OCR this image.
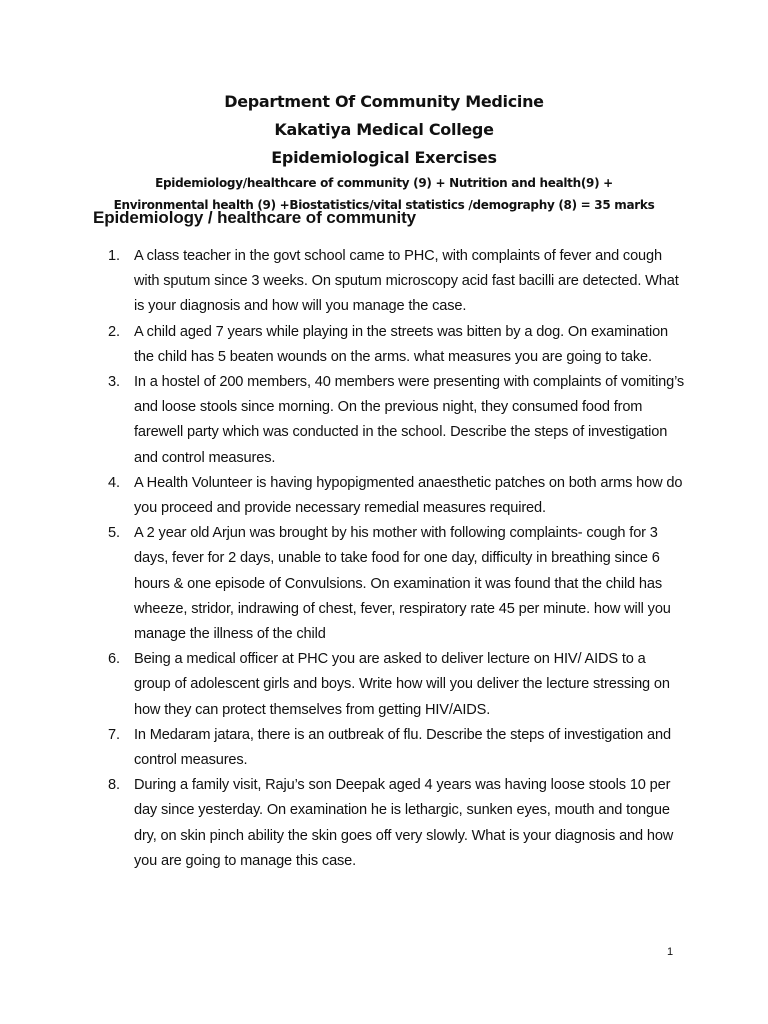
Department Of Community Medicine
Kakatiya Medical College
Epidemiological Exercises
Epidemiology/healthcare of community (9) + Nutrition and health(9) +
Environmental health (9) +Biostatistics/vital statistics /demography (8) = 35 marks
Epidemiology / healthcare of community
1. A class teacher in the govt school came to PHC, with complaints of fever and cough with sputum since 3 weeks. On sputum microscopy acid fast bacilli are detected. What is your diagnosis and how will you manage the case.
2. A child aged 7 years while playing in the streets was bitten by a dog. On examination the child has 5 beaten wounds on the arms. what measures you are going to take.
3. In a hostel of 200 members, 40 members were presenting with complaints of vomiting’s and loose stools since morning. On the previous night, they consumed food from farewell party which was conducted in the school. Describe the steps of investigation and control measures.
4. A Health Volunteer is having hypopigmented anaesthetic patches on both arms how do you proceed and provide necessary remedial measures required.
5. A 2 year old Arjun was brought by his mother with following complaints- cough for 3 days, fever for 2 days, unable to take food for one day, difficulty in breathing since 6 hours & one episode of Convulsions. On examination it was found that the child has wheeze, stridor, indrawing of chest, fever, respiratory rate 45 per minute. how will you manage the illness of the child
6. Being a medical officer at PHC you are asked to deliver lecture on HIV/ AIDS to a group of adolescent girls and boys. Write how will you deliver the lecture stressing on how they can protect themselves from getting HIV/AIDS.
7. In Medaram jatara, there is an outbreak of flu. Describe the steps of investigation and control measures.
8. During a family visit, Raju’s son Deepak aged 4 years was having loose stools 10 per day since yesterday. On examination he is lethargic, sunken eyes, mouth and tongue dry, on skin pinch ability the skin goes off very slowly. What is your diagnosis and how you are going to manage this case.
1
